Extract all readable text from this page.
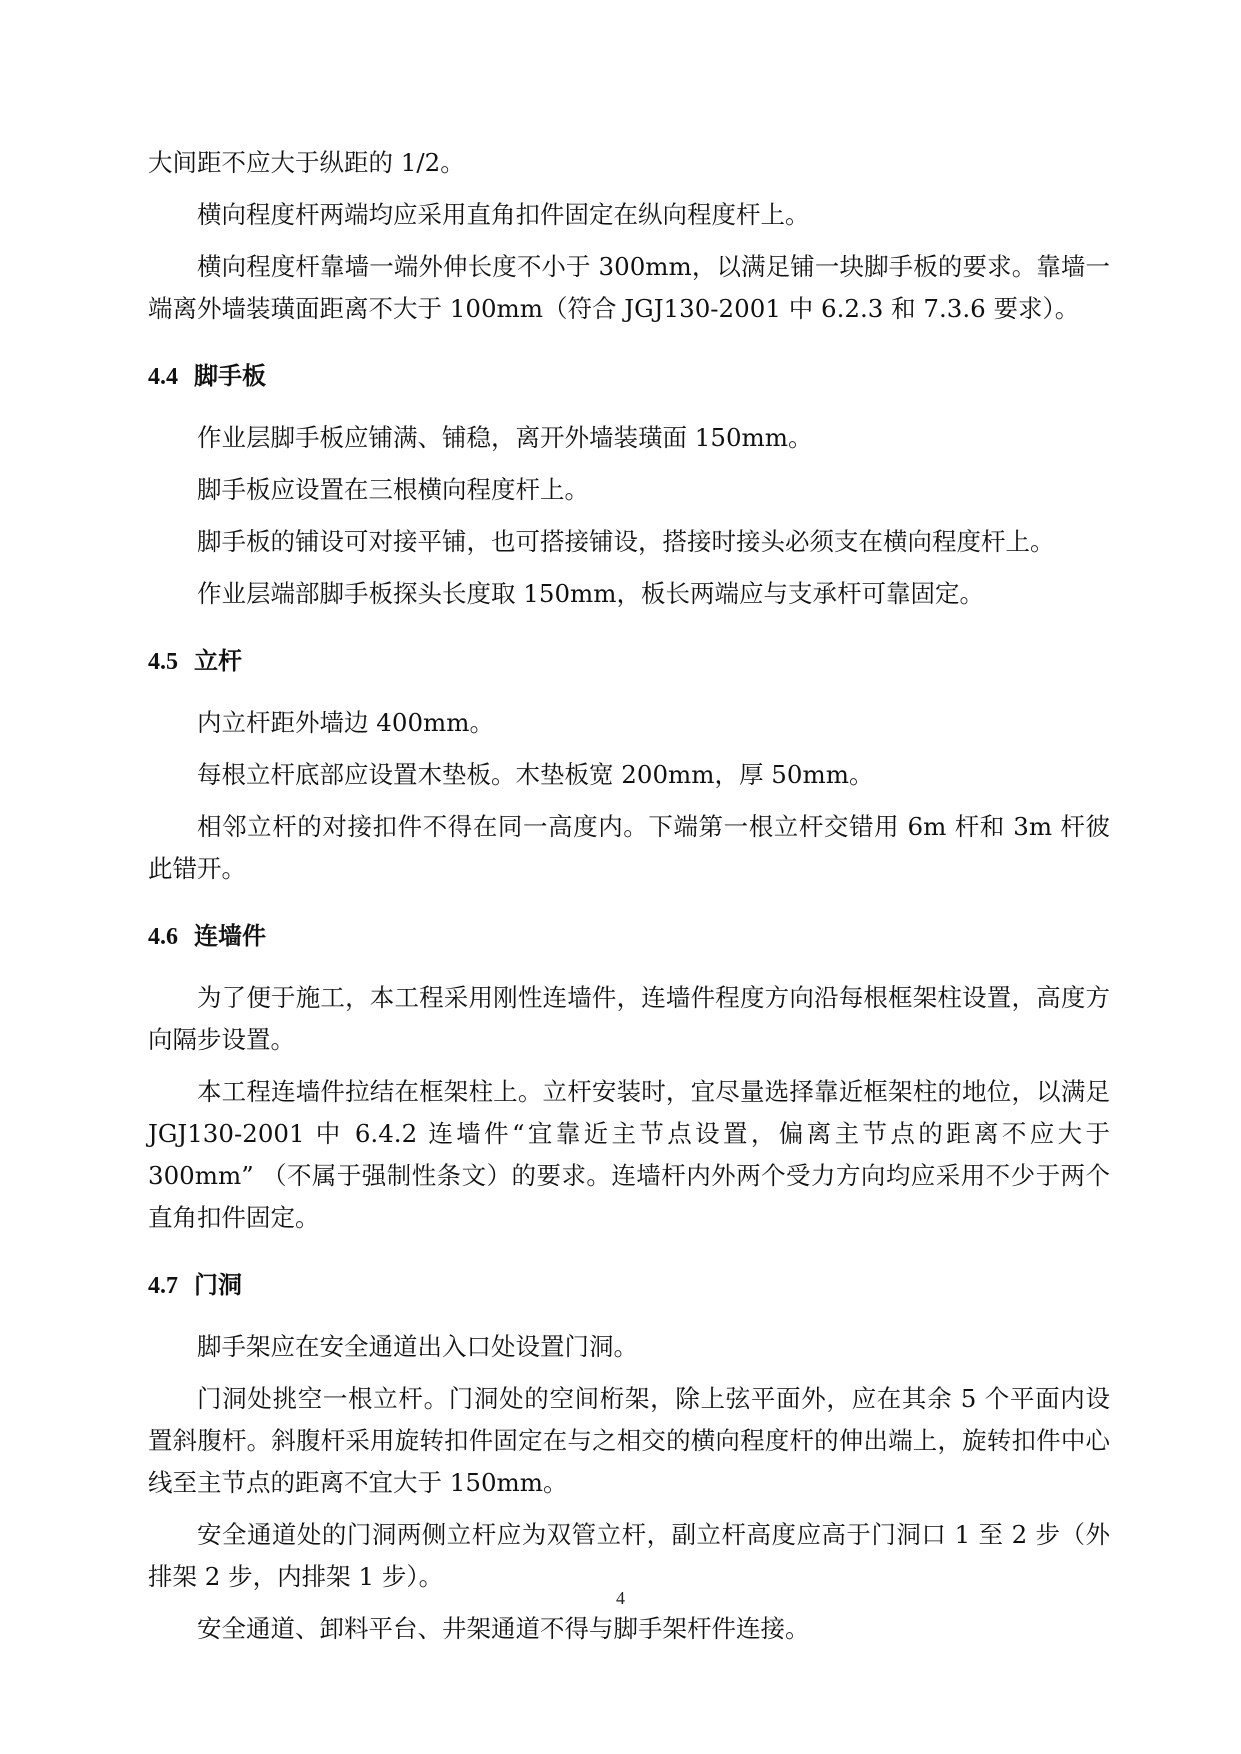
大间距不应大于纵距的 1/2。

横向程度杆两端均应采用直角扣件固定在纵向程度杆上。

横向程度杆靠墙一端外伸长度不小于 300mm，以满足铺一块脚手板的要求。靠墙一端离外墙装璜面距离不大于 100mm（符合 JGJ130-2001 中 6.2.3 和 7.3.6 要求）。

4.4 脚手板

作业层脚手板应铺满、铺稳，离开外墙装璜面 150mm。

脚手板应设置在三根横向程度杆上。

脚手板的铺设可对接平铺，也可搭接铺设，搭接时接头必须支在横向程度杆上。

作业层端部脚手板探头长度取 150mm，板长两端应与支承杆可靠固定。

4.5 立杆

内立杆距外墙边 400mm。

每根立杆底部应设置木垫板。木垫板宽 200mm，厚 50mm。

相邻立杆的对接扣件不得在同一高度内。下端第一根立杆交错用 6m 杆和 3m 杆彼此错开。

4.6 连墙件

为了便于施工，本工程采用刚性连墙件，连墙件程度方向沿每根框架柱设置，高度方向隔步设置。

本工程连墙件拉结在框架柱上。立杆安装时，宜尽量选择靠近框架柱的地位，以满足 JGJ130-2001 中 6.4.2 连墙件“宜靠近主节点设置，偏离主节点的距离不应大于 300mm” （不属于强制性条文）的要求。连墙杆内外两个受力方向均应采用不少于两个直角扣件固定。

4.7 门洞

脚手架应在安全通道出入口处设置门洞。

门洞处挑空一根立杆。门洞处的空间桁架，除上弦平面外，应在其余 5 个平面内设置斜腹杆。斜腹杆采用旋转扣件固定在与之相交的横向程度杆的伸出端上，旋转扣件中心线至主节点的距离不宜大于 150mm。

安全通道处的门洞两侧立杆应为双管立杆，副立杆高度应高于门洞口 1 至 2 步（外排架 2 步，内排架 1 步）。

安全通道、卸料平台、井架通道不得与脚手架杆件连接。

4
